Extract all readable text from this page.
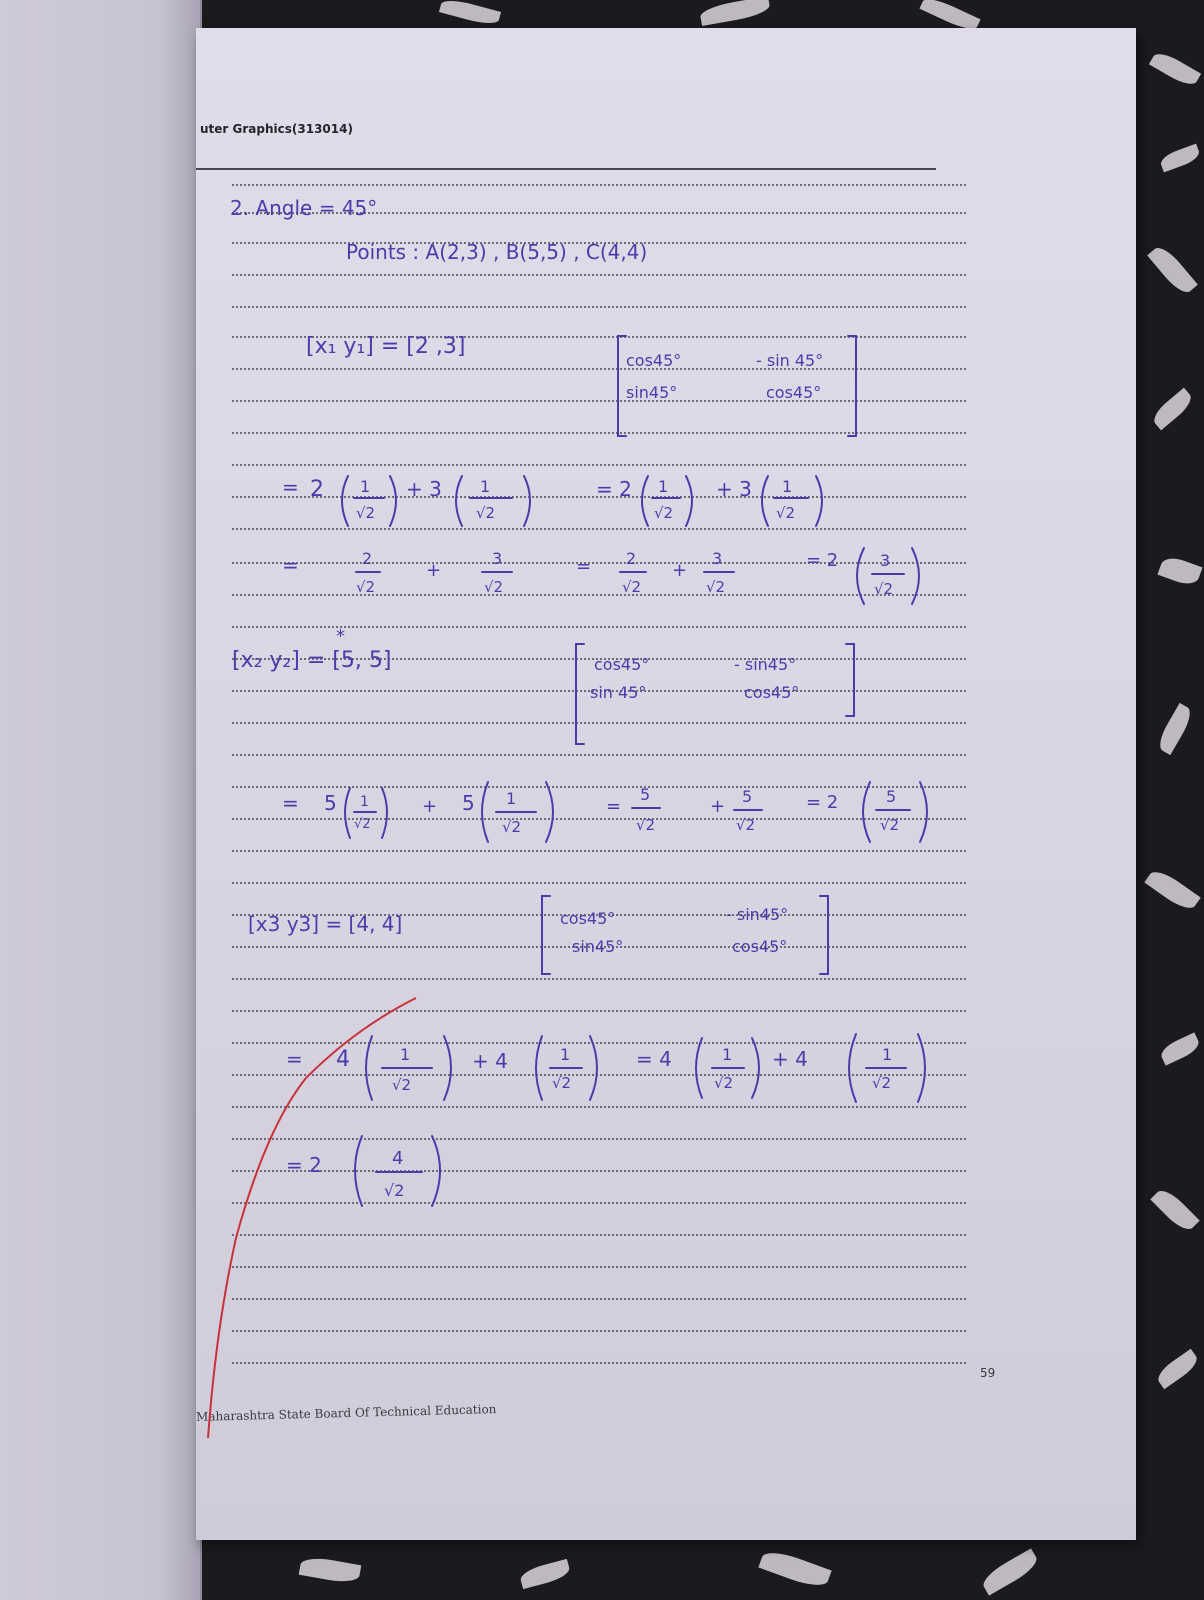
uter Graphics(313014)
59
Maharashtra State Board Of Technical Education
2. Angle = 45°
Points : A(2,3) , B(5,5) , C(4,4)
[x₁ y₁] = [2 ,3]
cos45°	- sin 45°
sin45°	cos45°
= 2 1
√2
+ 3 1
√2
= 2 1
√2
+ 3 1
√2
=	2
√2
+
3
√2
= 2
√2
+
3
√2
= 2	3
√2
*
[x₂ y₂] = [5, 5]	cos45°	- sin45°
sin 45°	cos45°
= 5 1
√2
+ 5 1
√2
=
5
√2
+ 5
√2
= 2	5
√2
[x3 y3] = [4, 4]	cos45°	- sin45°
sin45°	cos45°
= 4	1
√2
+ 4	1
√2
= 4	1
√2
+ 4	1
√2
= 2	4
√2
